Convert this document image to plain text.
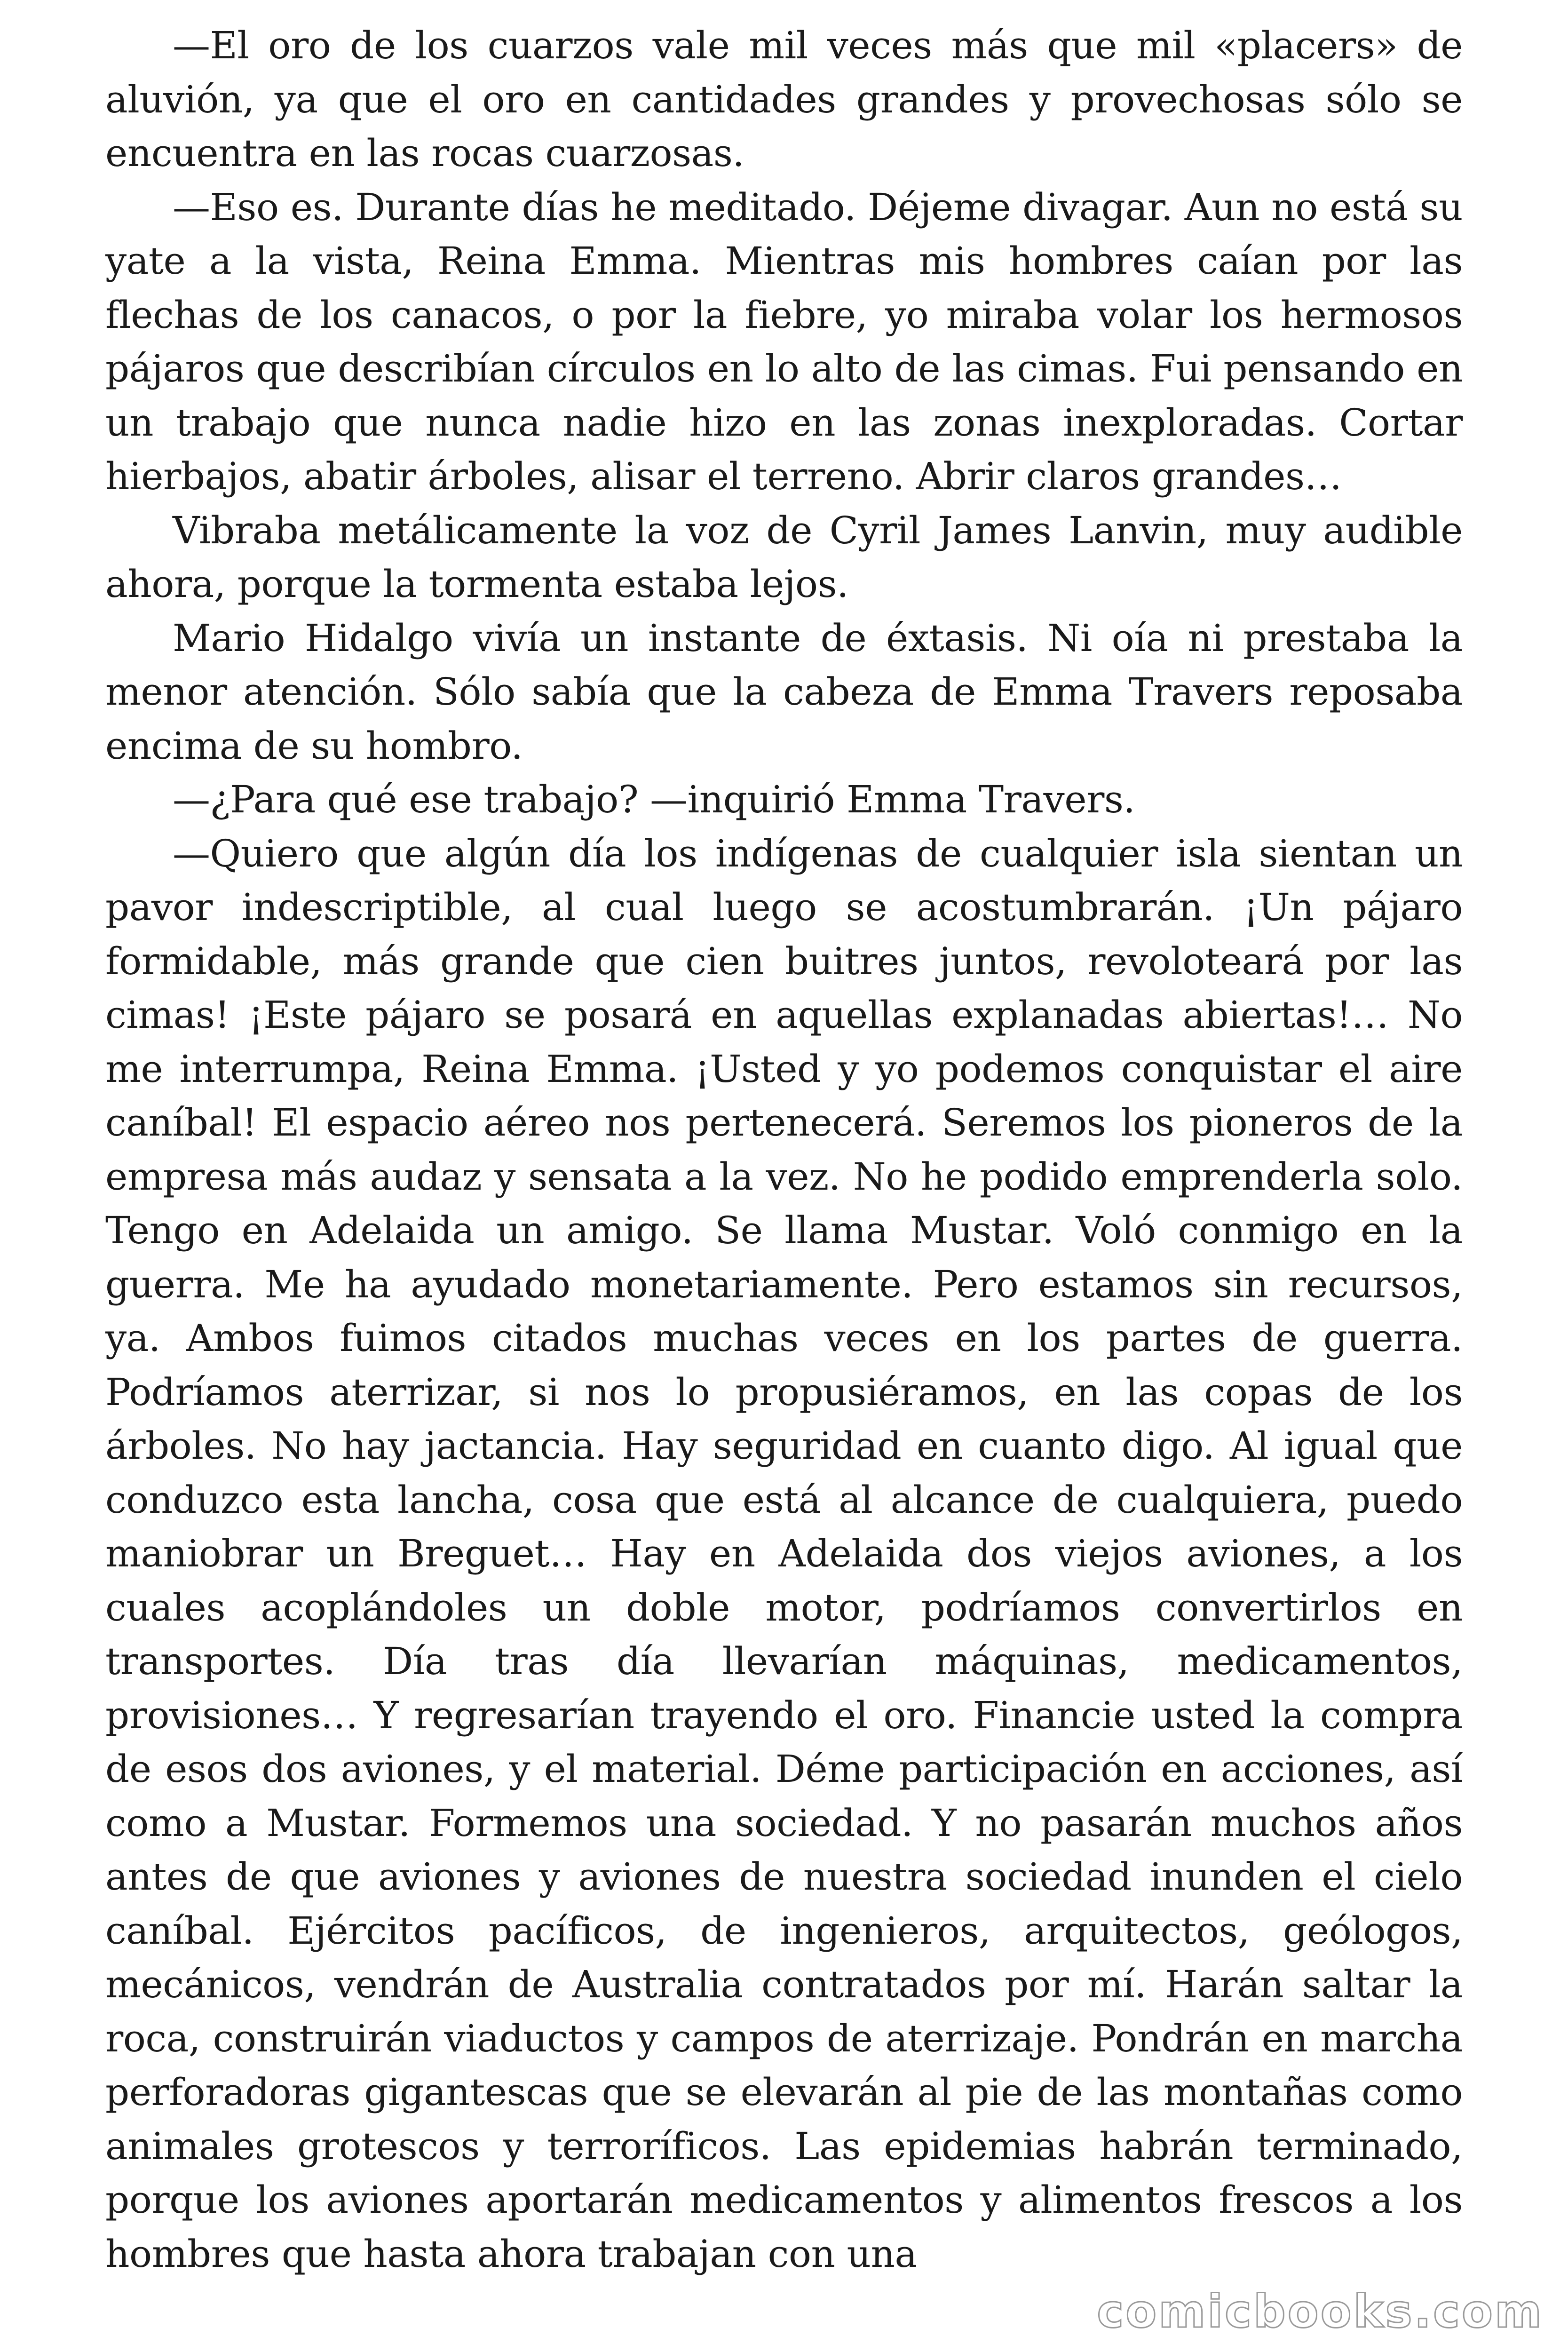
—El oro de los cuarzos vale mil veces más que mil «placers» de aluvión, ya que el oro en cantidades grandes y provechosas sólo se encuentra en las rocas cuarzosas.

—Eso es. Durante días he meditado. Déjeme divagar. Aun no está su yate a la vista, Reina Emma. Mientras mis hombres caían por las flechas de los canacos, o por la fiebre, yo miraba volar los hermosos pájaros que describían círculos en lo alto de las cimas. Fui pensando en un trabajo que nunca nadie hizo en las zonas inexploradas. Cortar hierbajos, abatir árboles, alisar el terreno. Abrir claros grandes…

Vibraba metálicamente la voz de Cyril James Lanvin, muy audible ahora, porque la tormenta estaba lejos.

Mario Hidalgo vivía un instante de éxtasis. Ni oía ni prestaba la menor atención. Sólo sabía que la cabeza de Emma Travers reposaba encima de su hombro.

—¿Para qué ese trabajo? —inquirió Emma Travers.

—Quiero que algún día los indígenas de cualquier isla sientan un pavor indescriptible, al cual luego se acostumbrarán. ¡Un pájaro formidable, más grande que cien buitres juntos, revoloteará por las cimas! ¡Este pájaro se posará en aquellas explanadas abiertas!… No me interrumpa, Reina Emma. ¡Usted y yo podemos conquistar el aire caníbal! El espacio aéreo nos pertenecerá. Seremos los pioneros de la empresa más audaz y sensata a la vez. No he podido emprenderla solo. Tengo en Adelaida un amigo. Se llama Mustar. Voló conmigo en la guerra. Me ha ayudado monetariamente. Pero estamos sin recursos, ya. Ambos fuimos citados muchas veces en los partes de guerra. Podríamos aterrizar, si nos lo propusiéramos, en las copas de los árboles. No hay jactancia. Hay seguridad en cuanto digo. Al igual que conduzco esta lancha, cosa que está al alcance de cualquiera, puedo maniobrar un Breguet… Hay en Adelaida dos viejos aviones, a los cuales acoplándoles un doble motor, podríamos convertirlos en transportes. Día tras día llevarían máquinas, medicamentos, provisiones… Y regresarían trayendo el oro. Financie usted la compra de esos dos aviones, y el material. Déme participación en acciones, así como a Mustar. Formemos una sociedad. Y no pasarán muchos años antes de que aviones y aviones de nuestra sociedad inunden el cielo caníbal. Ejércitos pacíficos, de ingenieros, arquitectos, geólogos, mecánicos, vendrán de Australia contratados por mí. Harán saltar la roca, construirán viaductos y campos de aterrizaje. Pondrán en marcha perforadoras gigantescas que se elevarán al pie de las montañas como animales grotescos y terroríficos. Las epidemias habrán terminado, porque los aviones aportarán medicamentos y alimentos frescos a los hombres que hasta ahora trabajan con una

comicbooks.com
